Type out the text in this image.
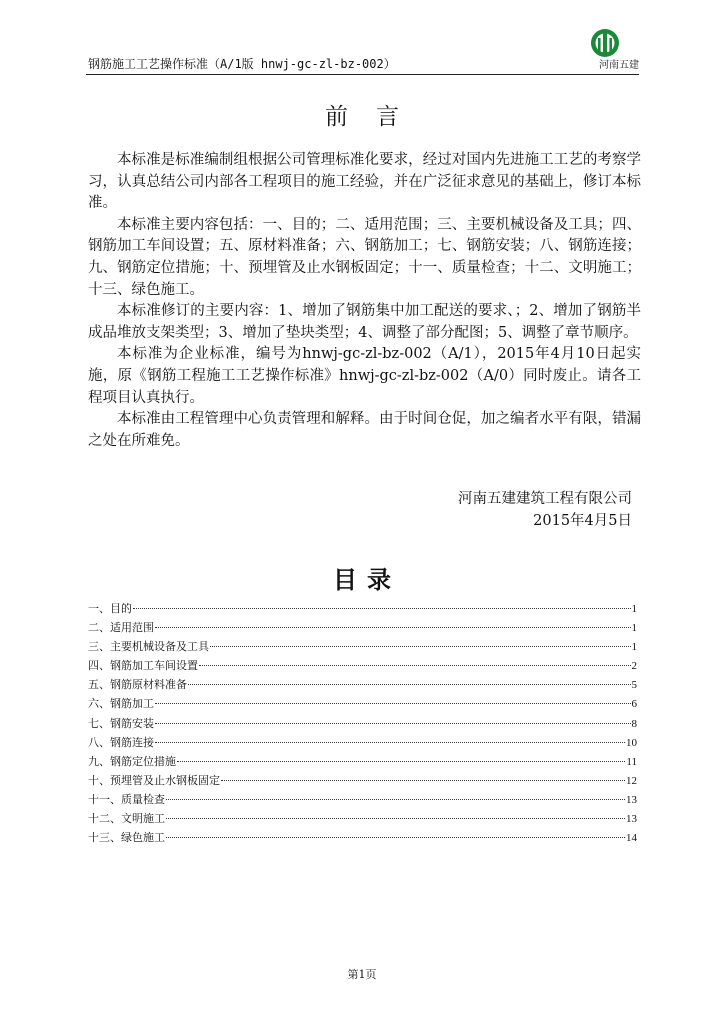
钢筋施工工艺操作标准（A/1版 hnwj-gc-zl-bz-002）	河南五建
前言

本标准是标准编制组根据公司管理标准化要求，经过对国内先进施工工艺的考察学习，认真总结公司内部各工程项目的施工经验，并在广泛征求意见的基础上，修订本标准。

本标准主要内容包括：一、目的；二、适用范围；三、主要机械设备及工具；四、钢筋加工车间设置；五、原材料准备；六、钢筋加工；七、钢筋安装；八、钢筋连接；九、钢筋定位措施；十、预埋管及止水钢板固定；十一、质量检查；十二、文明施工；十三、绿色施工。

本标准修订的主要内容：1、增加了钢筋集中加工配送的要求、；2、增加了钢筋半成品堆放支架类型；3、增加了垫块类型；4、调整了部分配图；5、调整了章节顺序。

本标准为企业标准，编号为hnwj-gc-zl-bz-002（A/1），2015年4月10日起实施，原《钢筋工程施工工艺操作标准》hnwj-gc-zl-bz-002（A/0）同时废止。请各工程项目认真执行。

本标准由工程管理中心负责管理和解释。由于时间仓促，加之编者水平有限，错漏之处在所难免。

河南五建建筑工程有限公司
2015年4月5日
目录
一、目的	1
二、适用范围	1
三、主要机械设备及工具	1
四、钢筋加工车间设置	2
五、钢筋原材料准备	5
六、钢筋加工	6
七、钢筋安装	8
八、钢筋连接	10
九、钢筋定位措施	11
十、预埋管及止水钢板固定	12
十一、质量检查	13
十二、文明施工	13
十三、绿色施工	14
第1页
